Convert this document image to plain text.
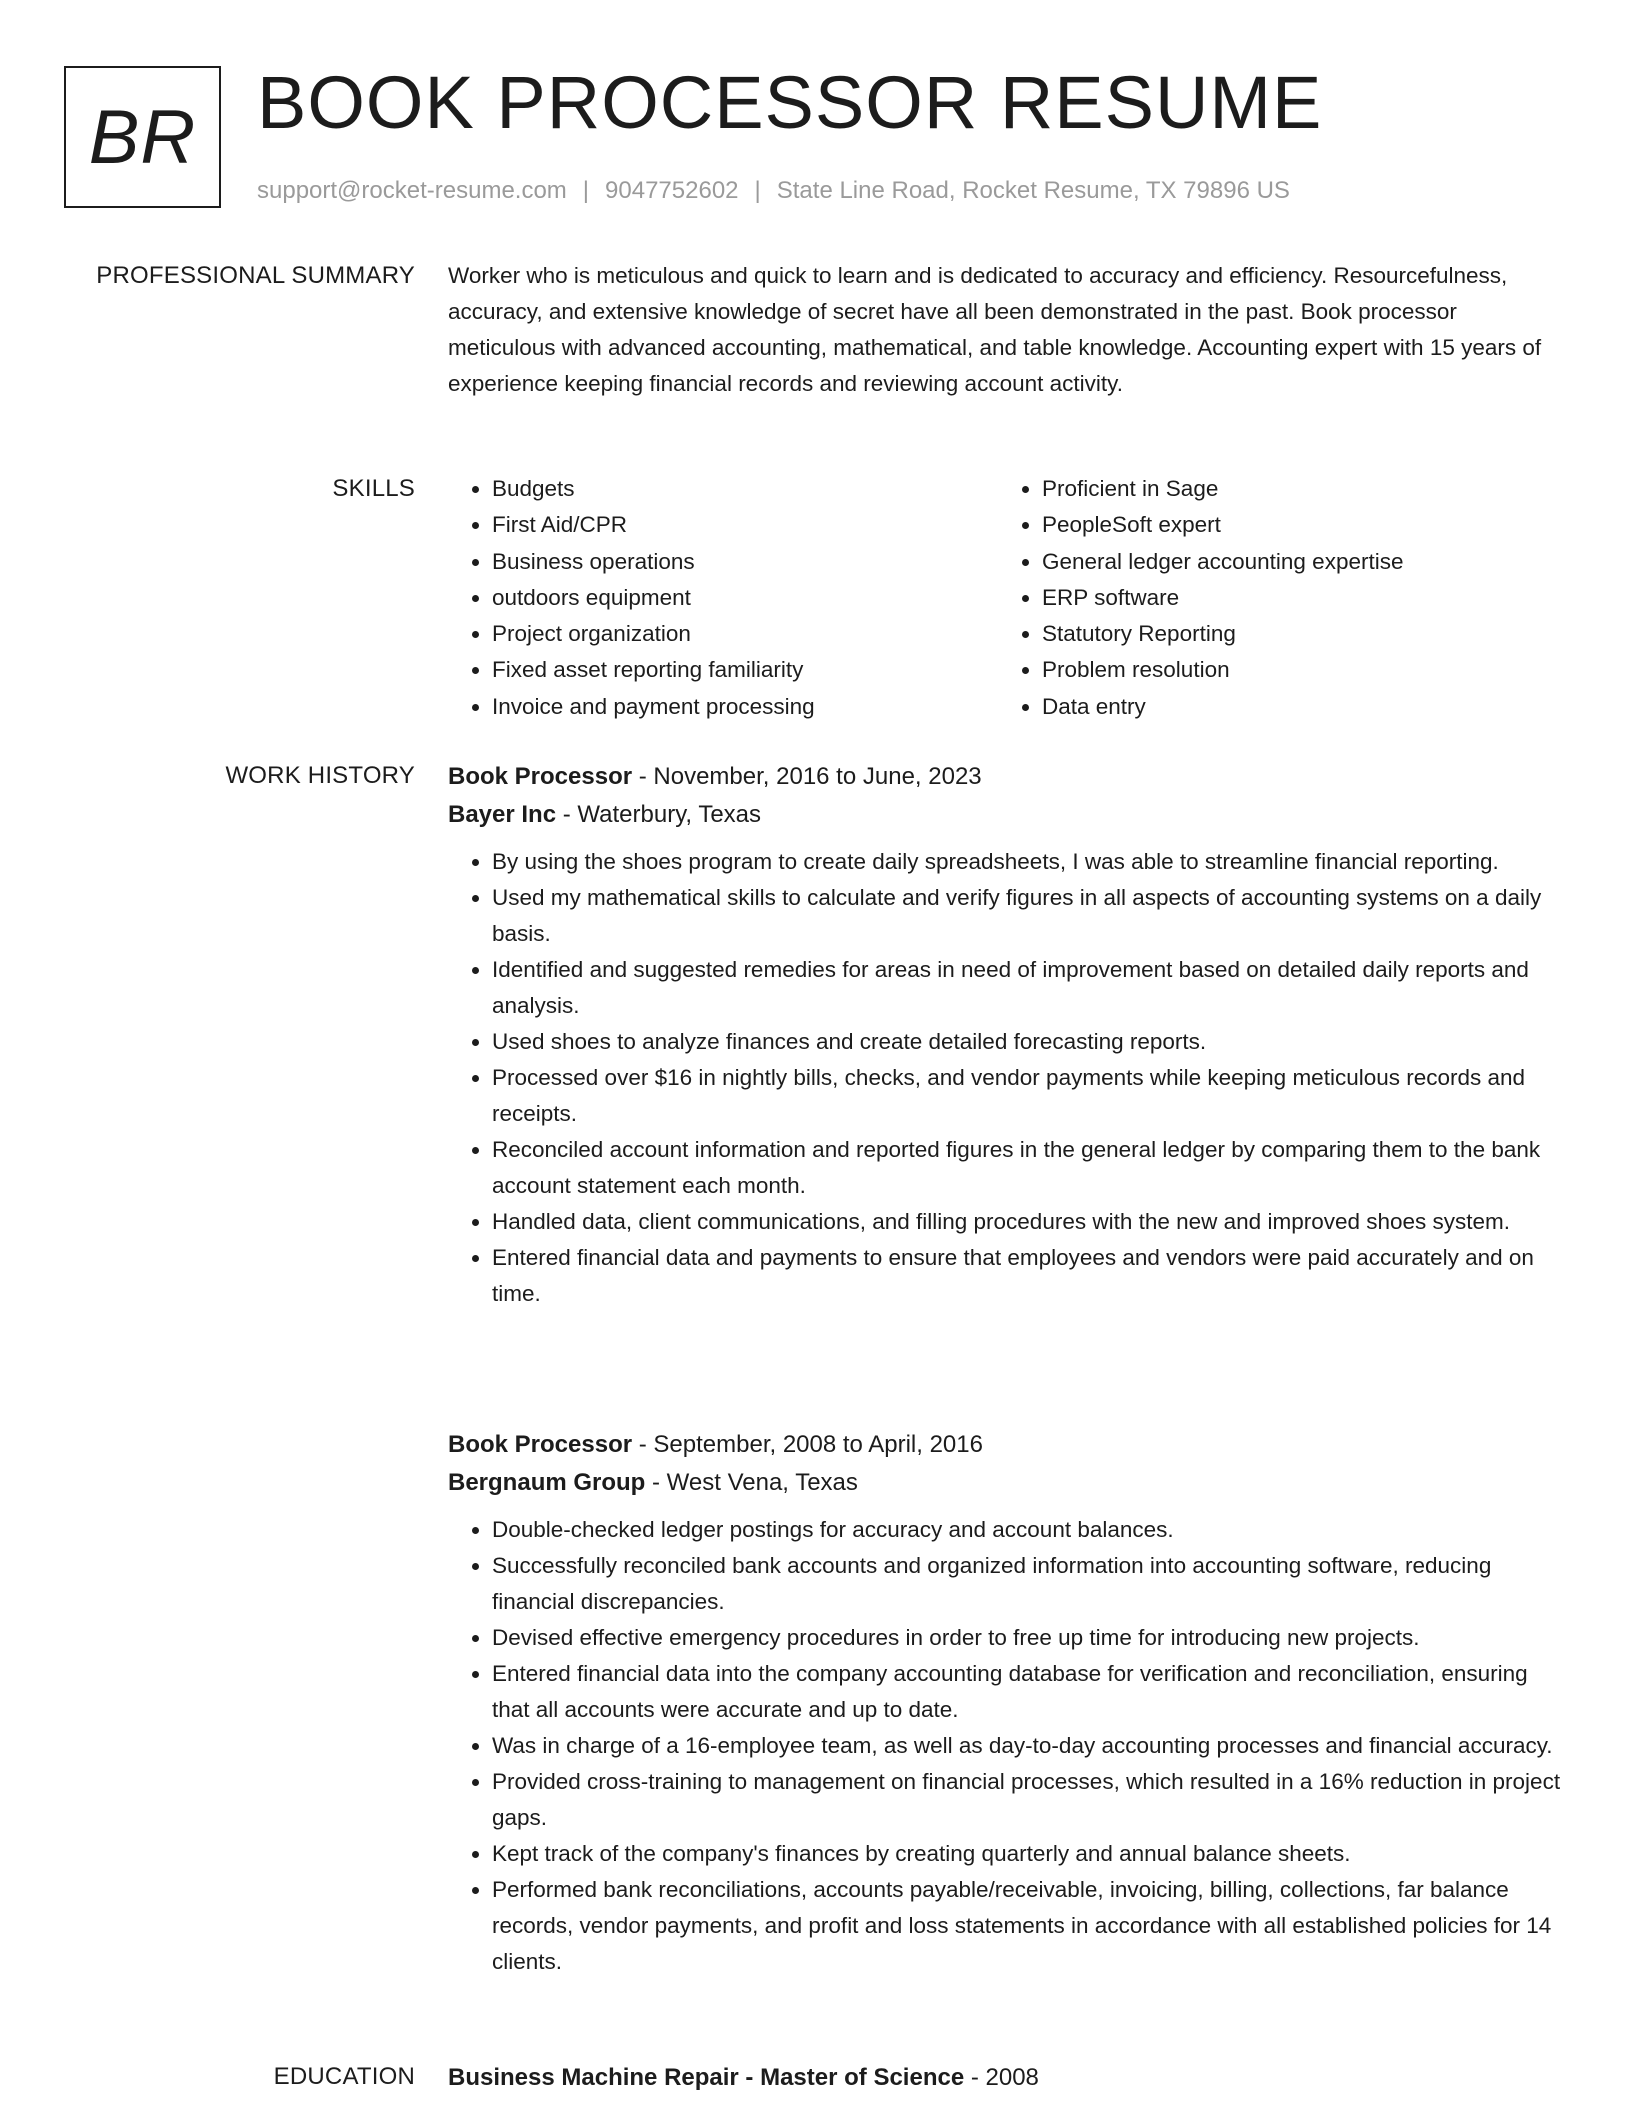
BR BOOK PROCESSOR RESUME
support@rocket-resume.com | 9047752602 | State Line Road, Rocket Resume, TX 79896 US
PROFESSIONAL SUMMARY Worker who is meticulous and quick to learn and is dedicated to accuracy and efficiency. Resourcefulness, accuracy, and extensive knowledge of secret have all been demonstrated in the past. Book processor meticulous with advanced accounting, mathematical, and table knowledge. Accounting expert with 15 years of experience keeping financial records and reviewing account activity.

SKILLS
•	Budgets
• First Aid/CPR
• Business operations
• outdoors equipment
• Project organization
• Fixed asset reporting familiarity
• Invoice and payment processing
• Proficient in Sage
• PeopleSoft expert
• General ledger accounting expertise
• ERP software
• Statutory Reporting
• Problem resolution
• Data entry
WORK HISTORY Book Processor - November, 2016 to June, 2023

Bayer Inc - Waterbury, Texas

• By using the shoes program to create daily spreadsheets, I was able to streamline financial reporting.
• Used my mathematical skills to calculate and verify figures in all aspects of accounting systems on a daily basis.
• Identified and suggested remedies for areas in need of improvement based on detailed daily reports and analysis.
• Used shoes to analyze finances and create detailed forecasting reports.
• Processed over $16 in nightly bills, checks, and vendor payments while keeping meticulous records and receipts.
• Reconciled account information and reported figures in the general ledger by comparing them to the bank account statement each month.
• Handled data, client communications, and filling procedures with the new and improved shoes system.
• Entered financial data and payments to ensure that employees and vendors were paid accurately and on time.

Book Processor - September, 2008 to April, 2016

Bergnaum Group - West Vena, Texas

• Double-checked ledger postings for accuracy and account balances.
• Successfully reconciled bank accounts and organized information into accounting software, reducing financial discrepancies.
• Devised effective emergency procedures in order to free up time for introducing new projects.
• Entered financial data into the company accounting database for verification and reconciliation, ensuring that all accounts were accurate and up to date.
• Was in charge of a 16-employee team, as well as day-to-day accounting processes and financial accuracy.
• Provided cross-training to management on financial processes, which resulted in a 16% reduction in project gaps.
• Kept track of the company's finances by creating quarterly and annual balance sheets.
• Performed bank reconciliations, accounts payable/receivable, invoicing, billing, collections, far balance records, vendor payments, and profit and loss statements in accordance with all established policies for 14 clients.
EDUCATION Business Machine Repair - Master of Science - 2008
